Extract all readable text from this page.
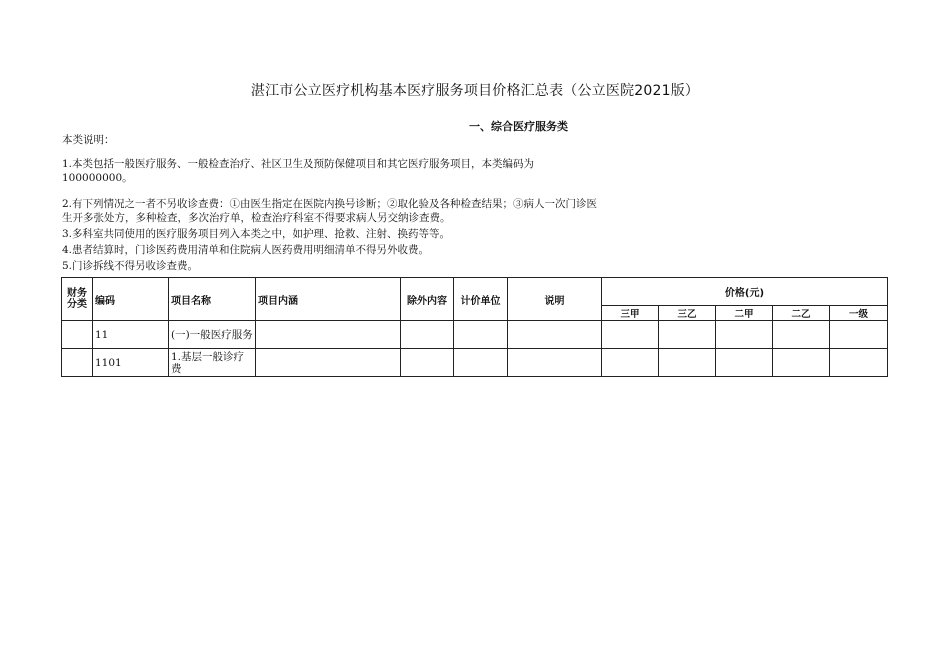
湛江市公立医疗机构基本医疗服务项目价格汇总表（公立医院2021版）
一、综合医疗服务类

本类说明：

1.本类包括一般医疗服务、一般检查治疗、社区卫生及预防保健项目和其它医疗服务项目，本类编码为100000000。

2.有下列情况之一者不另收诊查费：①由医生指定在医院内换号诊断；②取化验及各种检查结果；③病人一次门诊医生开多张处方，多种检查，多次治疗单，检查治疗科室不得要求病人另交纳诊查费。

3.多科室共同使用的医疗服务项目列入本类之中，如护理、抢救、注射、换药等等。

4.患者结算时，门诊医药费用清单和住院病人医药费用明细清单不得另外收费。

5.门诊拆线不得另收诊查费。

财务分类	编码	项目名称	项目内涵	除外内容	计价单位	说明	价格(元)				
							三甲	三乙	二甲	二乙	一级
	11	(一)一般医疗服务									
	1101	1.基层一般诊疗费									
